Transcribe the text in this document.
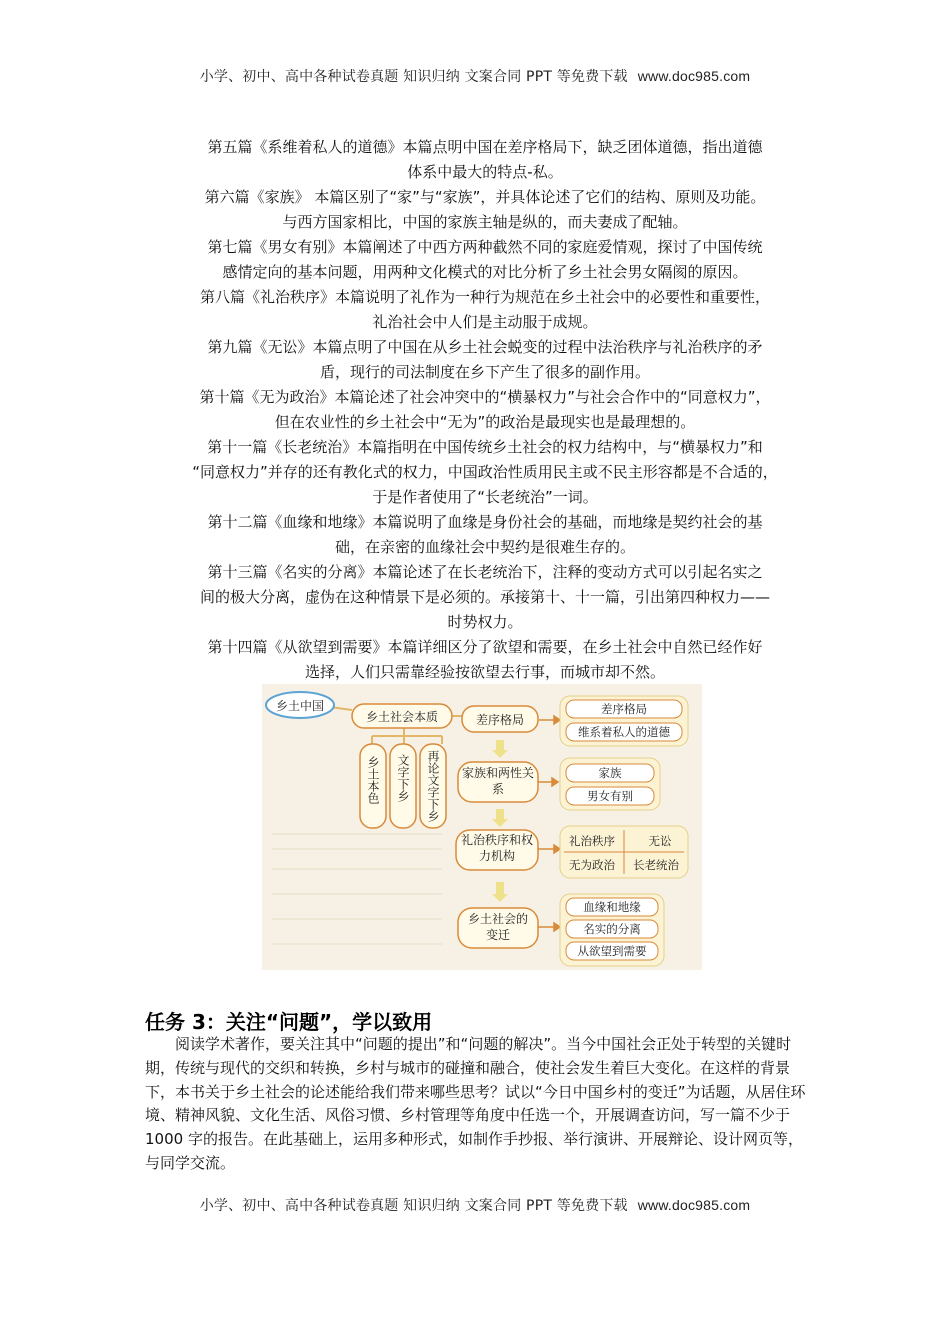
小学、初中、高中各种试卷真题 知识归纳 文案合同 PPT 等免费下载 www.doc985.com

第五篇《系维着私人的道德》本篇点明中国在差序格局下，缺乏团体道德，指出道德

体系中最大的特点-私。

第六篇《家族》 本篇区别了“家”与“家族”，并具体论述了它们的结构、原则及功能。

与西方国家相比，中国的家族主轴是纵的，而夫妻成了配轴。

第七篇《男女有别》本篇阐述了中西方两种截然不同的家庭爱情观，探讨了中国传统

感情定向的基本问题，用两种文化模式的对比分析了乡土社会男女隔阂的原因。

第八篇《礼治秩序》本篇说明了礼作为一种行为规范在乡土社会中的必要性和重要性，

礼治社会中人们是主动服于成规。

第九篇《无讼》本篇点明了中国在从乡土社会蜕变的过程中法治秩序与礼治秩序的矛

盾，现行的司法制度在乡下产生了很多的副作用。

第十篇《无为政治》本篇论述了社会冲突中的“横暴权力”与社会合作中的“同意权力”，

但在农业性的乡土社会中“无为”的政治是最现实也是最理想的。

第十一篇《长老统治》本篇指明在中国传统乡土社会的权力结构中，与“横暴权力”和

“同意权力”并存的还有教化式的权力，中国政治性质用民主或不民主形容都是不合适的，

于是作者使用了“长老统治”一词。

第十二篇《血缘和地缘》本篇说明了血缘是身份社会的基础，而地缘是契约社会的基

础，在亲密的血缘社会中契约是很难生存的。

第十三篇《名实的分离》本篇论述了在长老统治下，注释的变动方式可以引起名实之

间的极大分离，虚伪在这种情景下是必须的。承接第十、十一篇，引出第四种权力——

时势权力。

第十四篇《从欲望到需要》本篇详细区分了欲望和需要，在乡土社会中自然已经作好

选择，人们只需靠经验按欲望去行事，而城市却不然。

乡土中国
乡土社会本质
乡土本色 文字下乡 再论文字下乡
差序格局
家族和两性关系
礼治秩序和权力机构
乡土社会的变迁
差序格局
维系着私人的道德
家族
男女有别
礼治秩序	无讼
无为政治 长老统治
血缘和地缘
名实的分离
从欲望到需要
任务 3：关注“问题”，学以致用

阅读学术著作，要关注其中“问题的提出”和“问题的解决”。当今中国社会正处于转型的关键时期，传统与现代的交织和转换，乡村与城市的碰撞和融合，使社会发生着巨大变化。在这样的背景下，本书关于乡土社会的论述能给我们带来哪些思考？试以“今日中国乡村的变迁”为话题，从居住环境、精神风貌、文化生活、风俗习惯、乡村管理等角度中任选一个，开展调查访问，写一篇不少于 1000 字的报告。在此基础上，运用多种形式，如制作手抄报、举行演讲、开展辩论、设计网页等，与同学交流。

小学、初中、高中各种试卷真题 知识归纳 文案合同 PPT 等免费下载 www.doc985.com
